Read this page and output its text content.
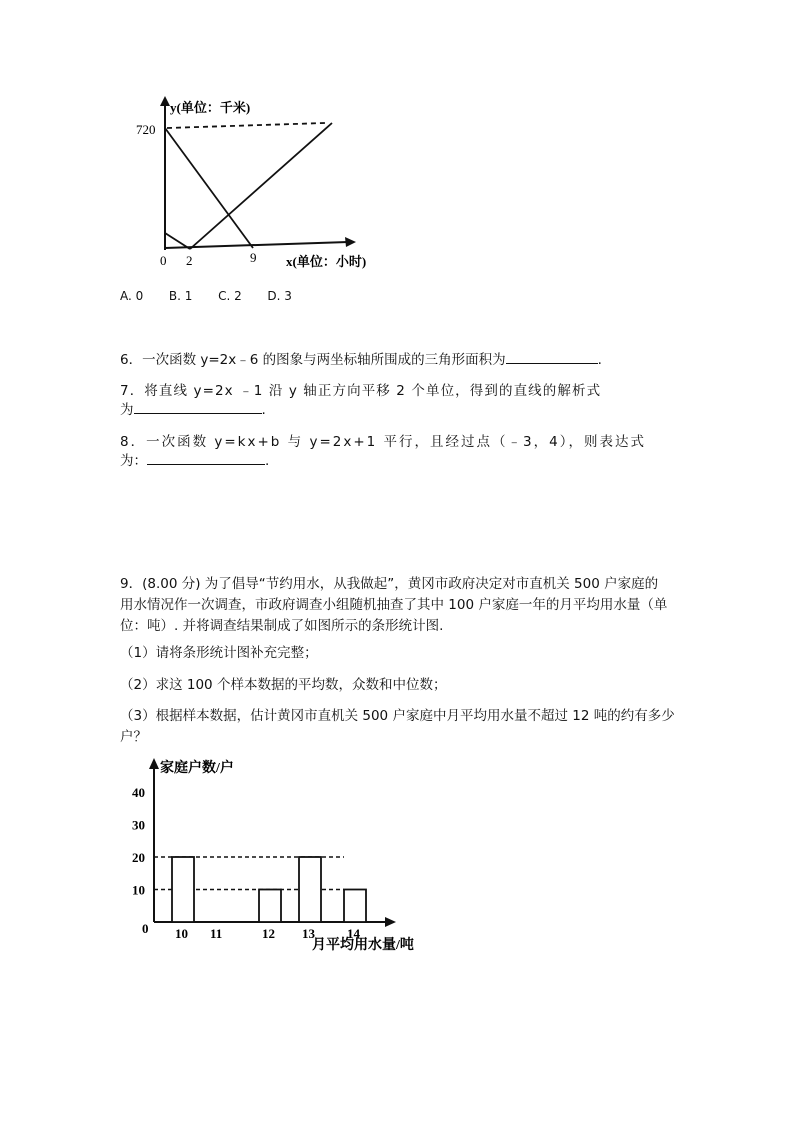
y(单位：千米)
720
0 2	9 x(单位：小时)
A. 0 B. 1 C. 2 D. 3
6．一次函数 y=2x﹣6 的图象与两坐标轴所围成的三角形面积为	.
7．将直线 y=2x ﹣1 沿 y 轴正方向平移 2 个单位，得到的直线的解析式
为	.
8．一次函数 y=kx+b 与 y=2x+1 平行，且经过点（﹣3，4），则表达式
为：	.
9．(8.00 分) 为了倡导“节约用水，从我做起”，黄冈市政府决定对市直机关 500 户家庭的
用水情况作一次调查，市政府调查小组随机抽查了其中 100 户家庭一年的月平均用水量（单
位：吨）. 并将调查结果制成了如图所示的条形统计图.
（1）请将条形统计图补充完整；
（2）求这 100 个样本数据的平均数，众数和中位数；
（3）根据样本数据，估计黄冈市直机关 500 户家庭中月平均用水量不超过 12 吨的约有多少
户？
家庭户数/户
月平均用水量/吨
0
10
20
30
40
10 11	12 13 14
